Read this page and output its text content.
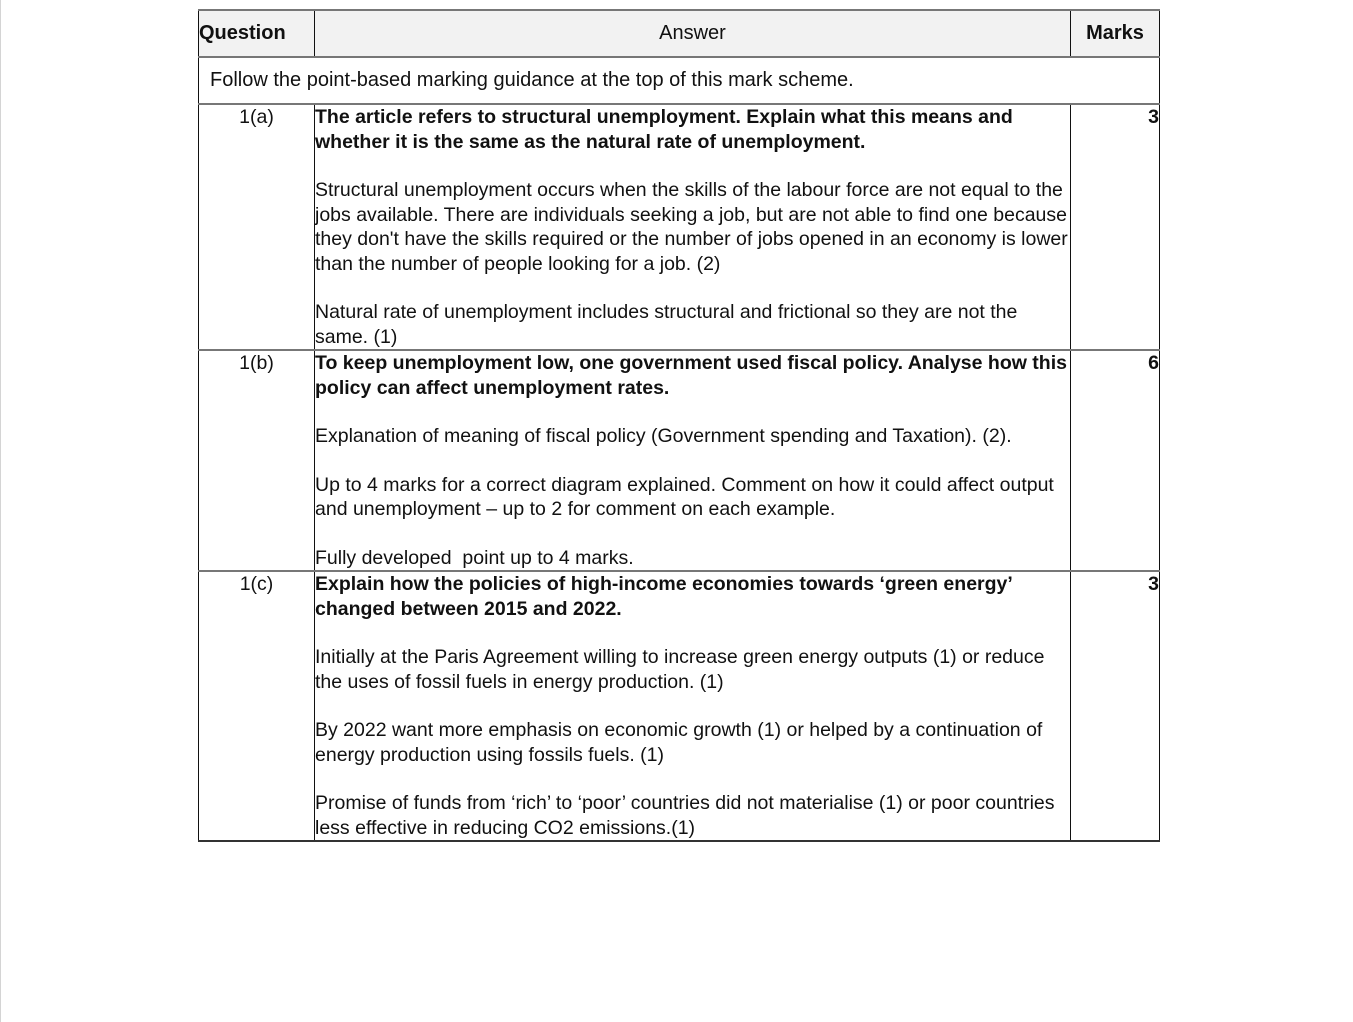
Question	Answer	Marks
Follow the point-based marking guidance at the top of this mark scheme.		
1(a)	The article refers to structural unemployment. Explain what this means and whether it is the same as the natural rate of unemployment.

Structural unemployment occurs when the skills of the labour force are not equal to the jobs available. There are individuals seeking a job, but are not able to find one because they don't have the skills required or the number of jobs opened in an economy is lower than the number of people looking for a job. (2)

Natural rate of unemployment includes structural and frictional so they are not the same. (1)	3
1(b)	To keep unemployment low, one government used fiscal policy. Analyse how this policy can affect unemployment rates.

Explanation of meaning of fiscal policy (Government spending and Taxation). (2).

Up to 4 marks for a correct diagram explained. Comment on how it could affect output and unemployment – up to 2 for comment on each example.

Fully developed  point up to 4 marks.	6
1(c)	Explain how the policies of high-income economies towards ‘green energy’ changed between 2015 and 2022.

Initially at the Paris Agreement willing to increase green energy outputs (1) or reduce the uses of fossil fuels in energy production. (1)

By 2022 want more emphasis on economic growth (1) or helped by a continuation of energy production using fossils fuels. (1)

Promise of funds from ‘rich’ to ‘poor’ countries did not materialise (1) or poor countries less effective in reducing CO2 emissions.(1)	3
